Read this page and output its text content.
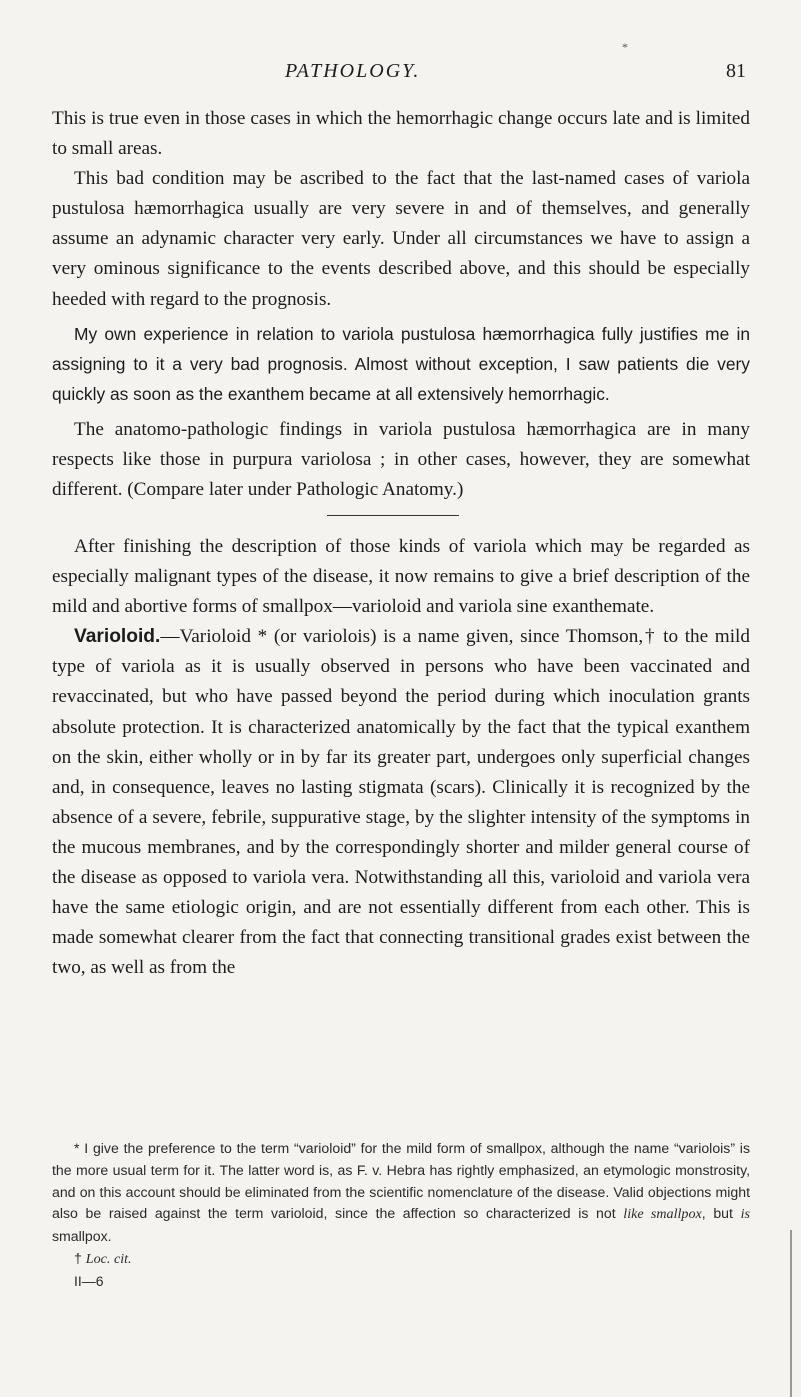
PATHOLOGY.	81
*

This is true even in those cases in which the hemorrhagic change occurs late and is limited to small areas.

This bad condition may be ascribed to the fact that the last-named cases of variola pustulosa hæmorrhagica usually are very severe in and of themselves, and generally assume an adynamic character very early. Under all circumstances we have to assign a very ominous significance to the events described above, and this should be especially heeded with regard to the prognosis.

My own experience in relation to variola pustulosa hæmorrhagica fully justifies me in assigning to it a very bad prognosis. Almost without exception, I saw patients die very quickly as soon as the exanthem became at all extensively hemorrhagic.

The anatomo-pathologic findings in variola pustulosa hæmorrhagica are in many respects like those in purpura variolosa ; in other cases, however, they are somewhat different. (Compare later under Pathologic Anatomy.)

After finishing the description of those kinds of variola which may be regarded as especially malignant types of the disease, it now remains to give a brief description of the mild and abortive forms of smallpox—varioloid and variola sine exanthemate.

Varioloid.—Varioloid * (or variolois) is a name given, since Thomson,† to the mild type of variola as it is usually observed in persons who have been vaccinated and revaccinated, but who have passed beyond the period during which inoculation grants absolute protection. It is characterized anatomically by the fact that the typical exanthem on the skin, either wholly or in by far its greater part, undergoes only superficial changes and, in consequence, leaves no lasting stigmata (scars). Clinically it is recognized by the absence of a severe, febrile, suppurative stage, by the slighter intensity of the symptoms in the mucous membranes, and by the correspondingly shorter and milder general course of the disease as opposed to variola vera. Notwithstanding all this, varioloid and variola vera have the same etiologic origin, and are not essentially different from each other. This is made somewhat clearer from the fact that connecting transitional grades exist between the two, as well as from the

* I give the preference to the term “varioloid” for the mild form of smallpox, although the name “variolois” is the more usual term for it. The latter word is, as F. v. Hebra has rightly emphasized, an etymologic monstrosity, and on this account should be eliminated from the scientific nomenclature of the disease. Valid objections might also be raised against the term varioloid, since the affection so characterized is not like smallpox, but is smallpox.

† Loc. cit.

II—6
